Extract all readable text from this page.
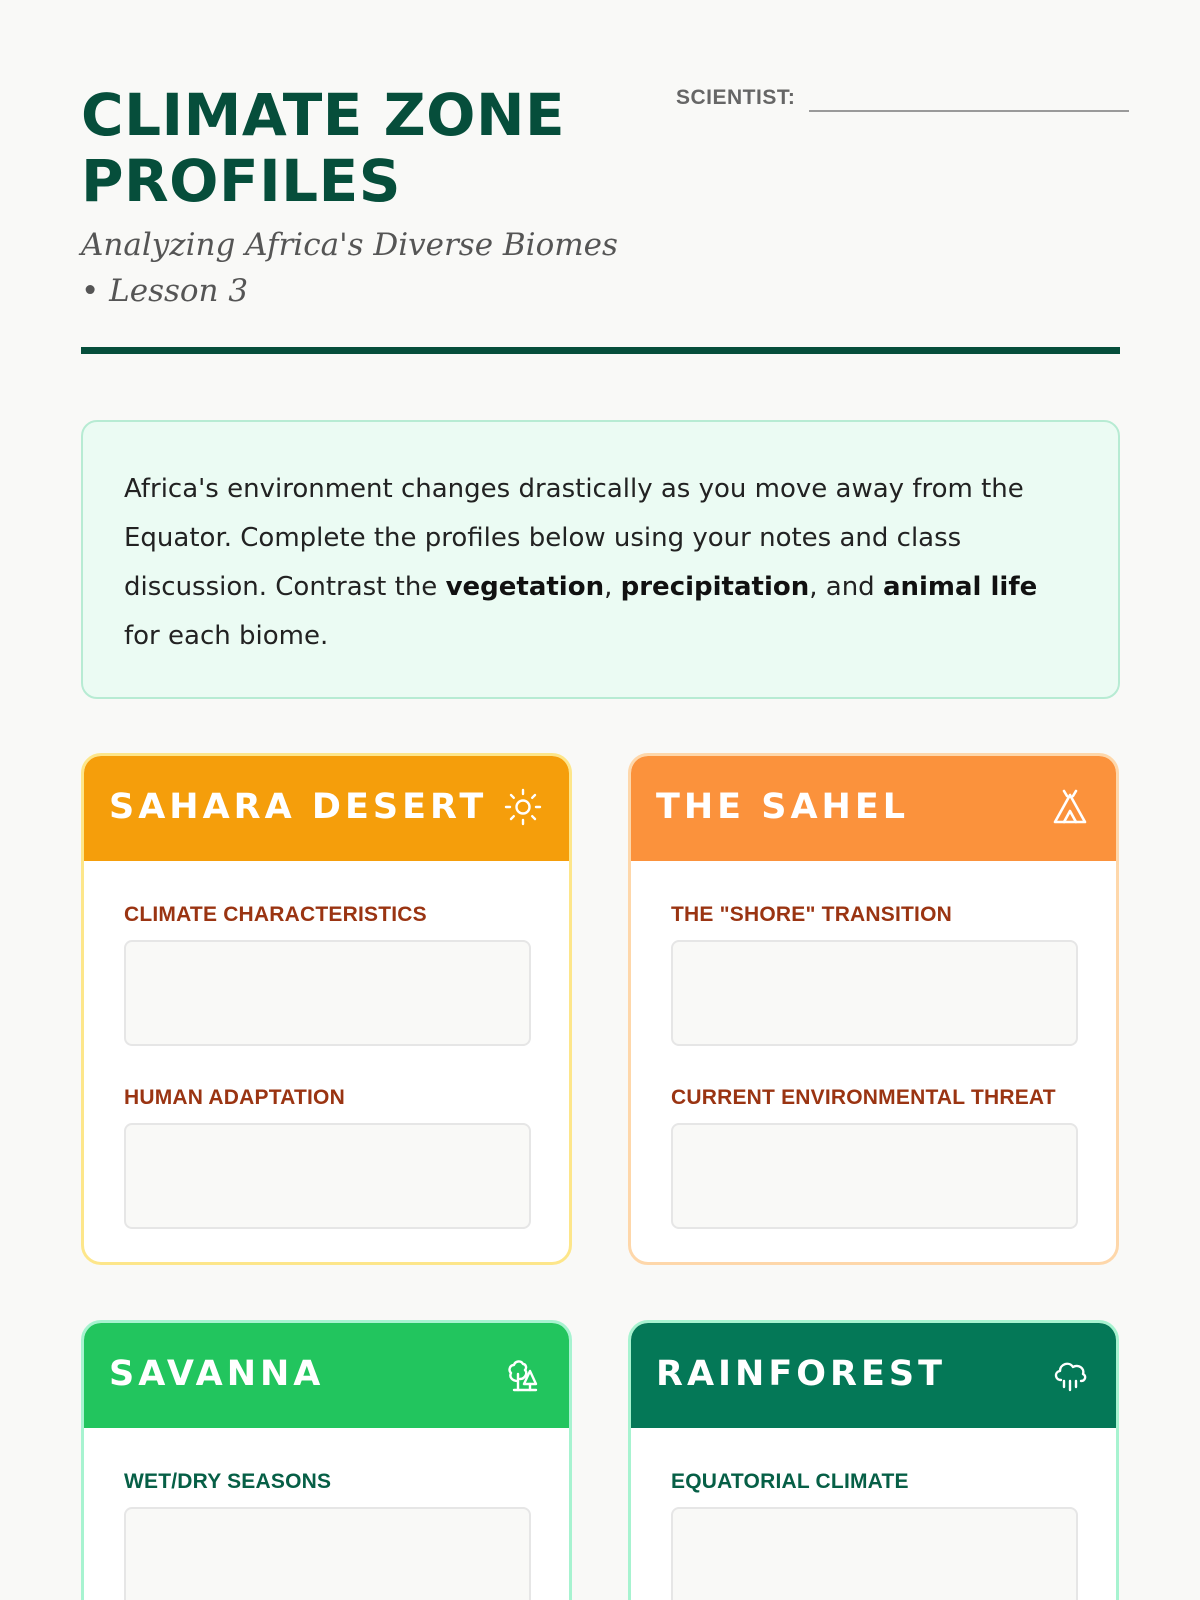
CLIMATE ZONE PROFILES
Analyzing Africa's Diverse Biomes • Lesson 3
SCIENTIST:
Africa's environment changes drastically as you move away from the Equator. Complete the profiles below using your notes and class discussion. Contrast the vegetation, precipitation, and animal life for each biome.
SAHARA DESERT
CLIMATE CHARACTERISTICS
HUMAN ADAPTATION
THE SAHEL
THE "SHORE" TRANSITION
CURRENT ENVIRONMENTAL THREAT
SAVANNA
WET/DRY SEASONS
RAINFOREST
EQUATORIAL CLIMATE
